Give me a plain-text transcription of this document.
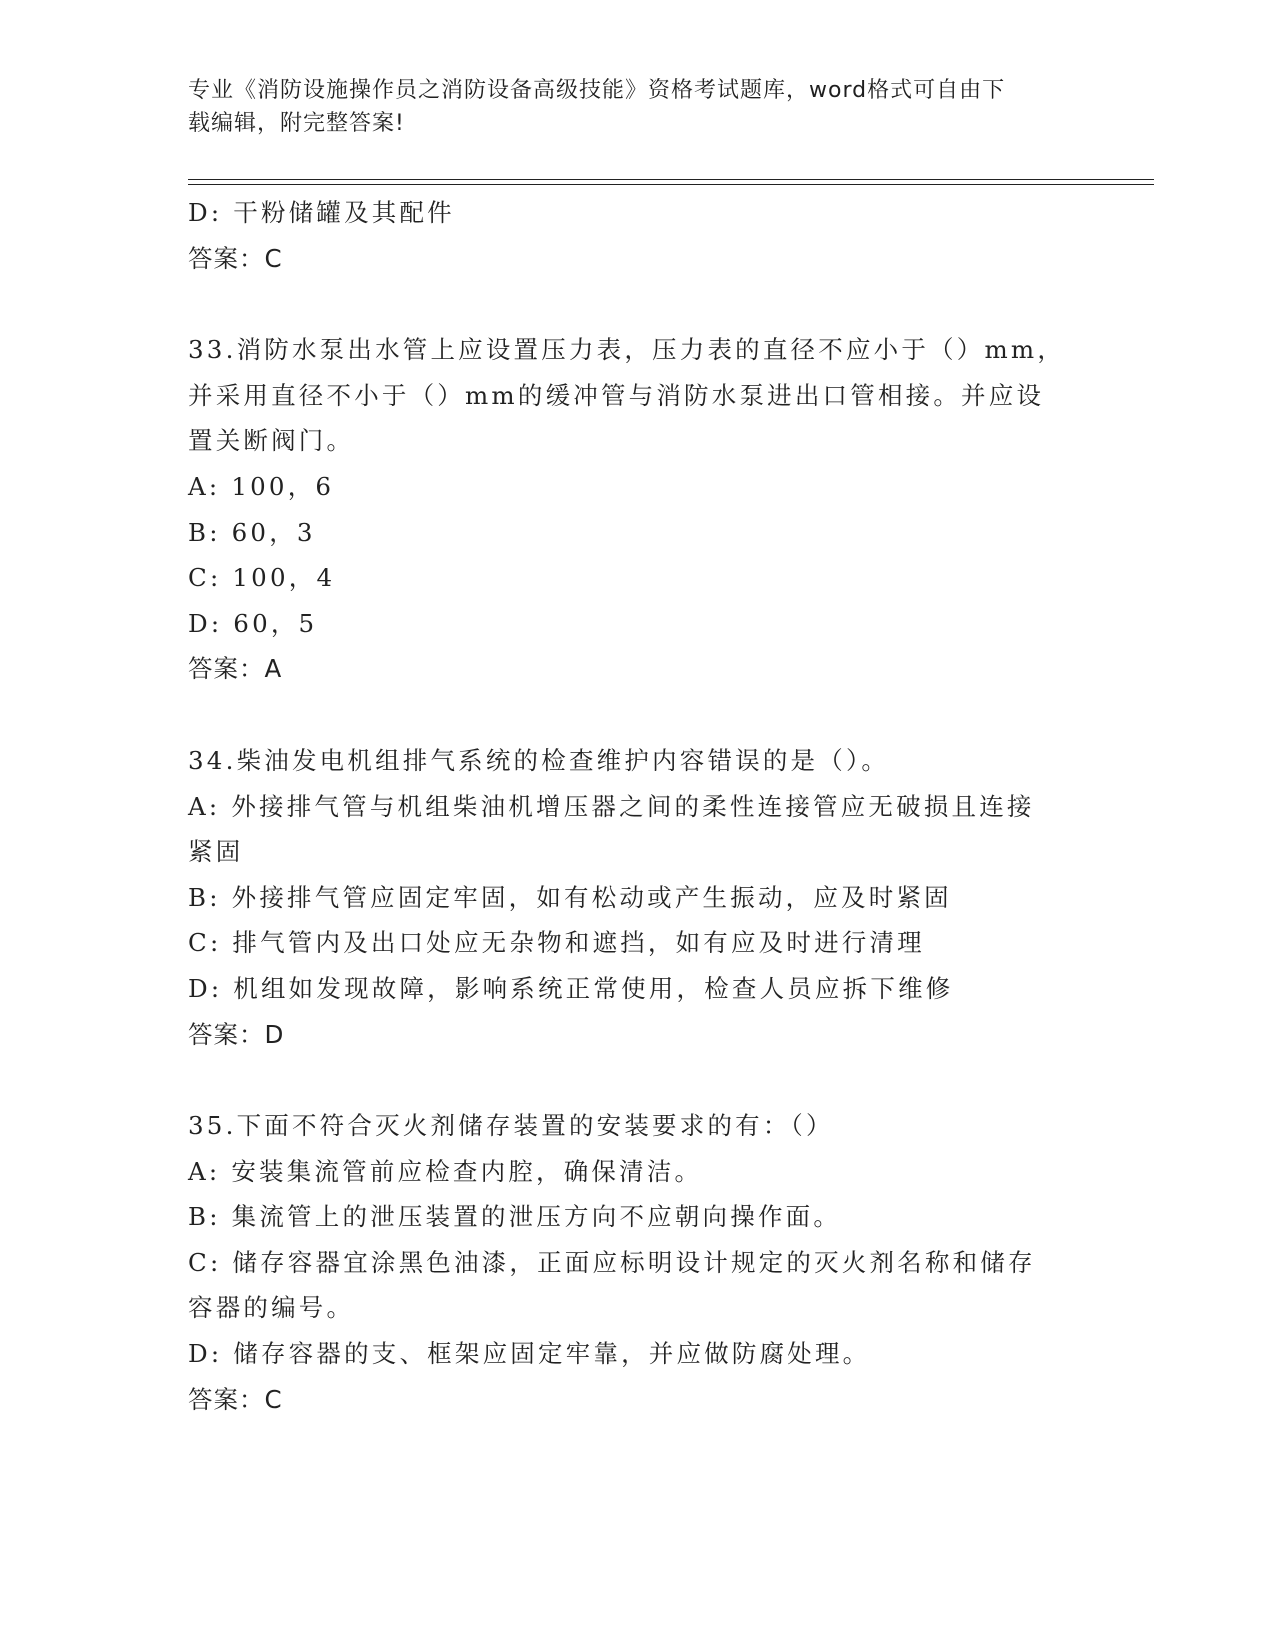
专业《消防设施操作员之消防设备高级技能》资格考试题库，word格式可自由下
载编辑，附完整答案!
D: 干粉储罐及其配件
答案：C
33.消防水泵出水管上应设置压力表，压力表的直径不应小于（）mm，
并采用直径不小于（）mm的缓冲管与消防水泵进出口管相接。并应设
置关断阀门。
A: 100，6
B: 60，3
C: 100，4
D: 60，5
答案：A
34.柴油发电机组排气系统的检查维护内容错误的是（）。
A: 外接排气管与机组柴油机增压器之间的柔性连接管应无破损且连接
紧固
B: 外接排气管应固定牢固，如有松动或产生振动，应及时紧固
C: 排气管内及出口处应无杂物和遮挡，如有应及时进行清理
D: 机组如发现故障，影响系统正常使用，检查人员应拆下维修
答案：D
35.下面不符合灭火剂储存装置的安装要求的有：（）
A: 安装集流管前应检查内腔，确保清洁。
B: 集流管上的泄压装置的泄压方向不应朝向操作面。
C: 储存容器宜涂黑色油漆，正面应标明设计规定的灭火剂名称和储存
容器的编号。
D: 储存容器的支、框架应固定牢靠，并应做防腐处理。
答案：C
